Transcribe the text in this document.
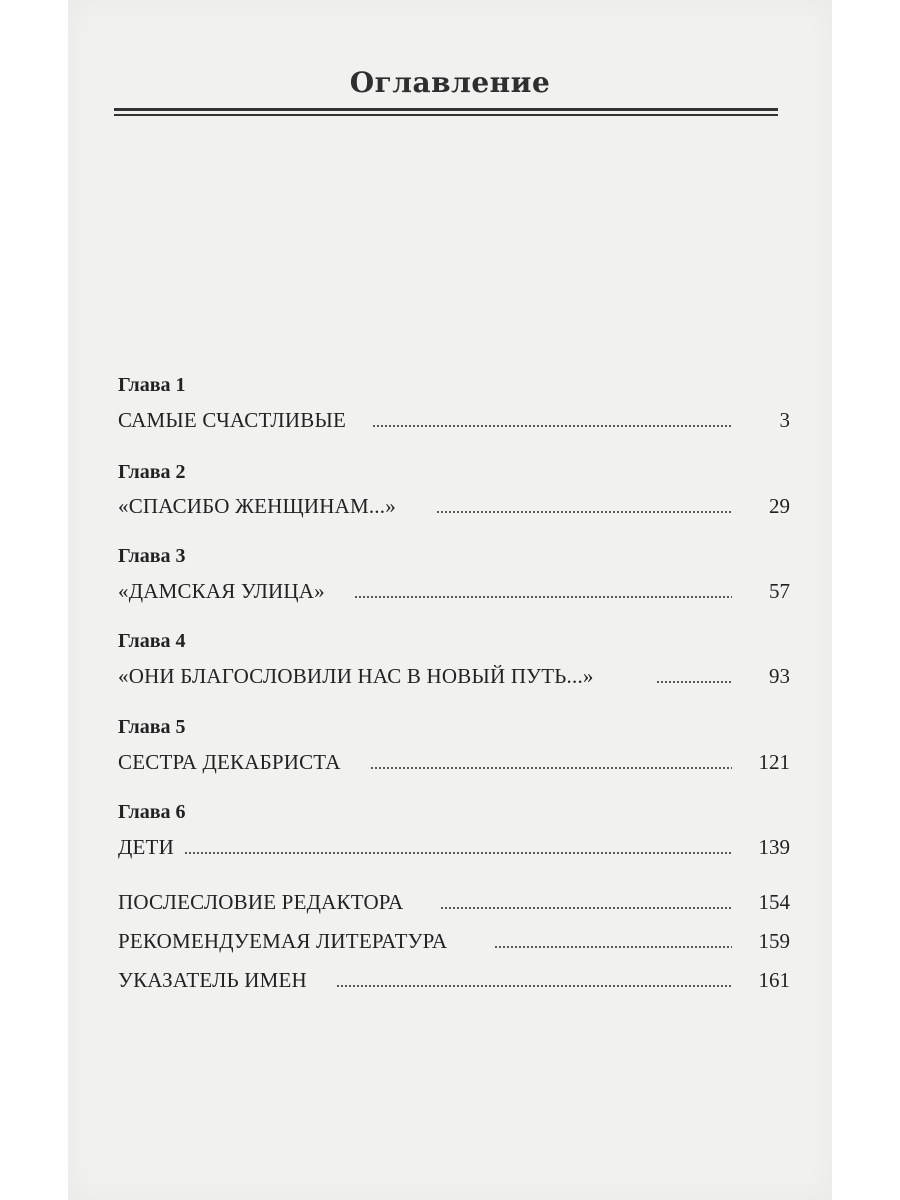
Оглавление
Глава 1
САМЫЕ СЧАСТЛИВЫЕ	3
Глава 2
«СПАСИБО ЖЕНЩИНАМ...»	29
Глава 3
«ДАМСКАЯ УЛИЦА»	57
Глава 4
«ОНИ БЛАГОСЛОВИЛИ НАС В НОВЫЙ ПУТЬ...»	93
Глава 5
СЕСТРА ДЕКАБРИСТА	121
Глава 6
ДЕТИ	139
ПОСЛЕСЛОВИЕ РЕДАКТОРА	154
РЕКОМЕНДУЕМАЯ ЛИТЕРАТУРА	159
УКАЗАТЕЛЬ ИМЕН	161
